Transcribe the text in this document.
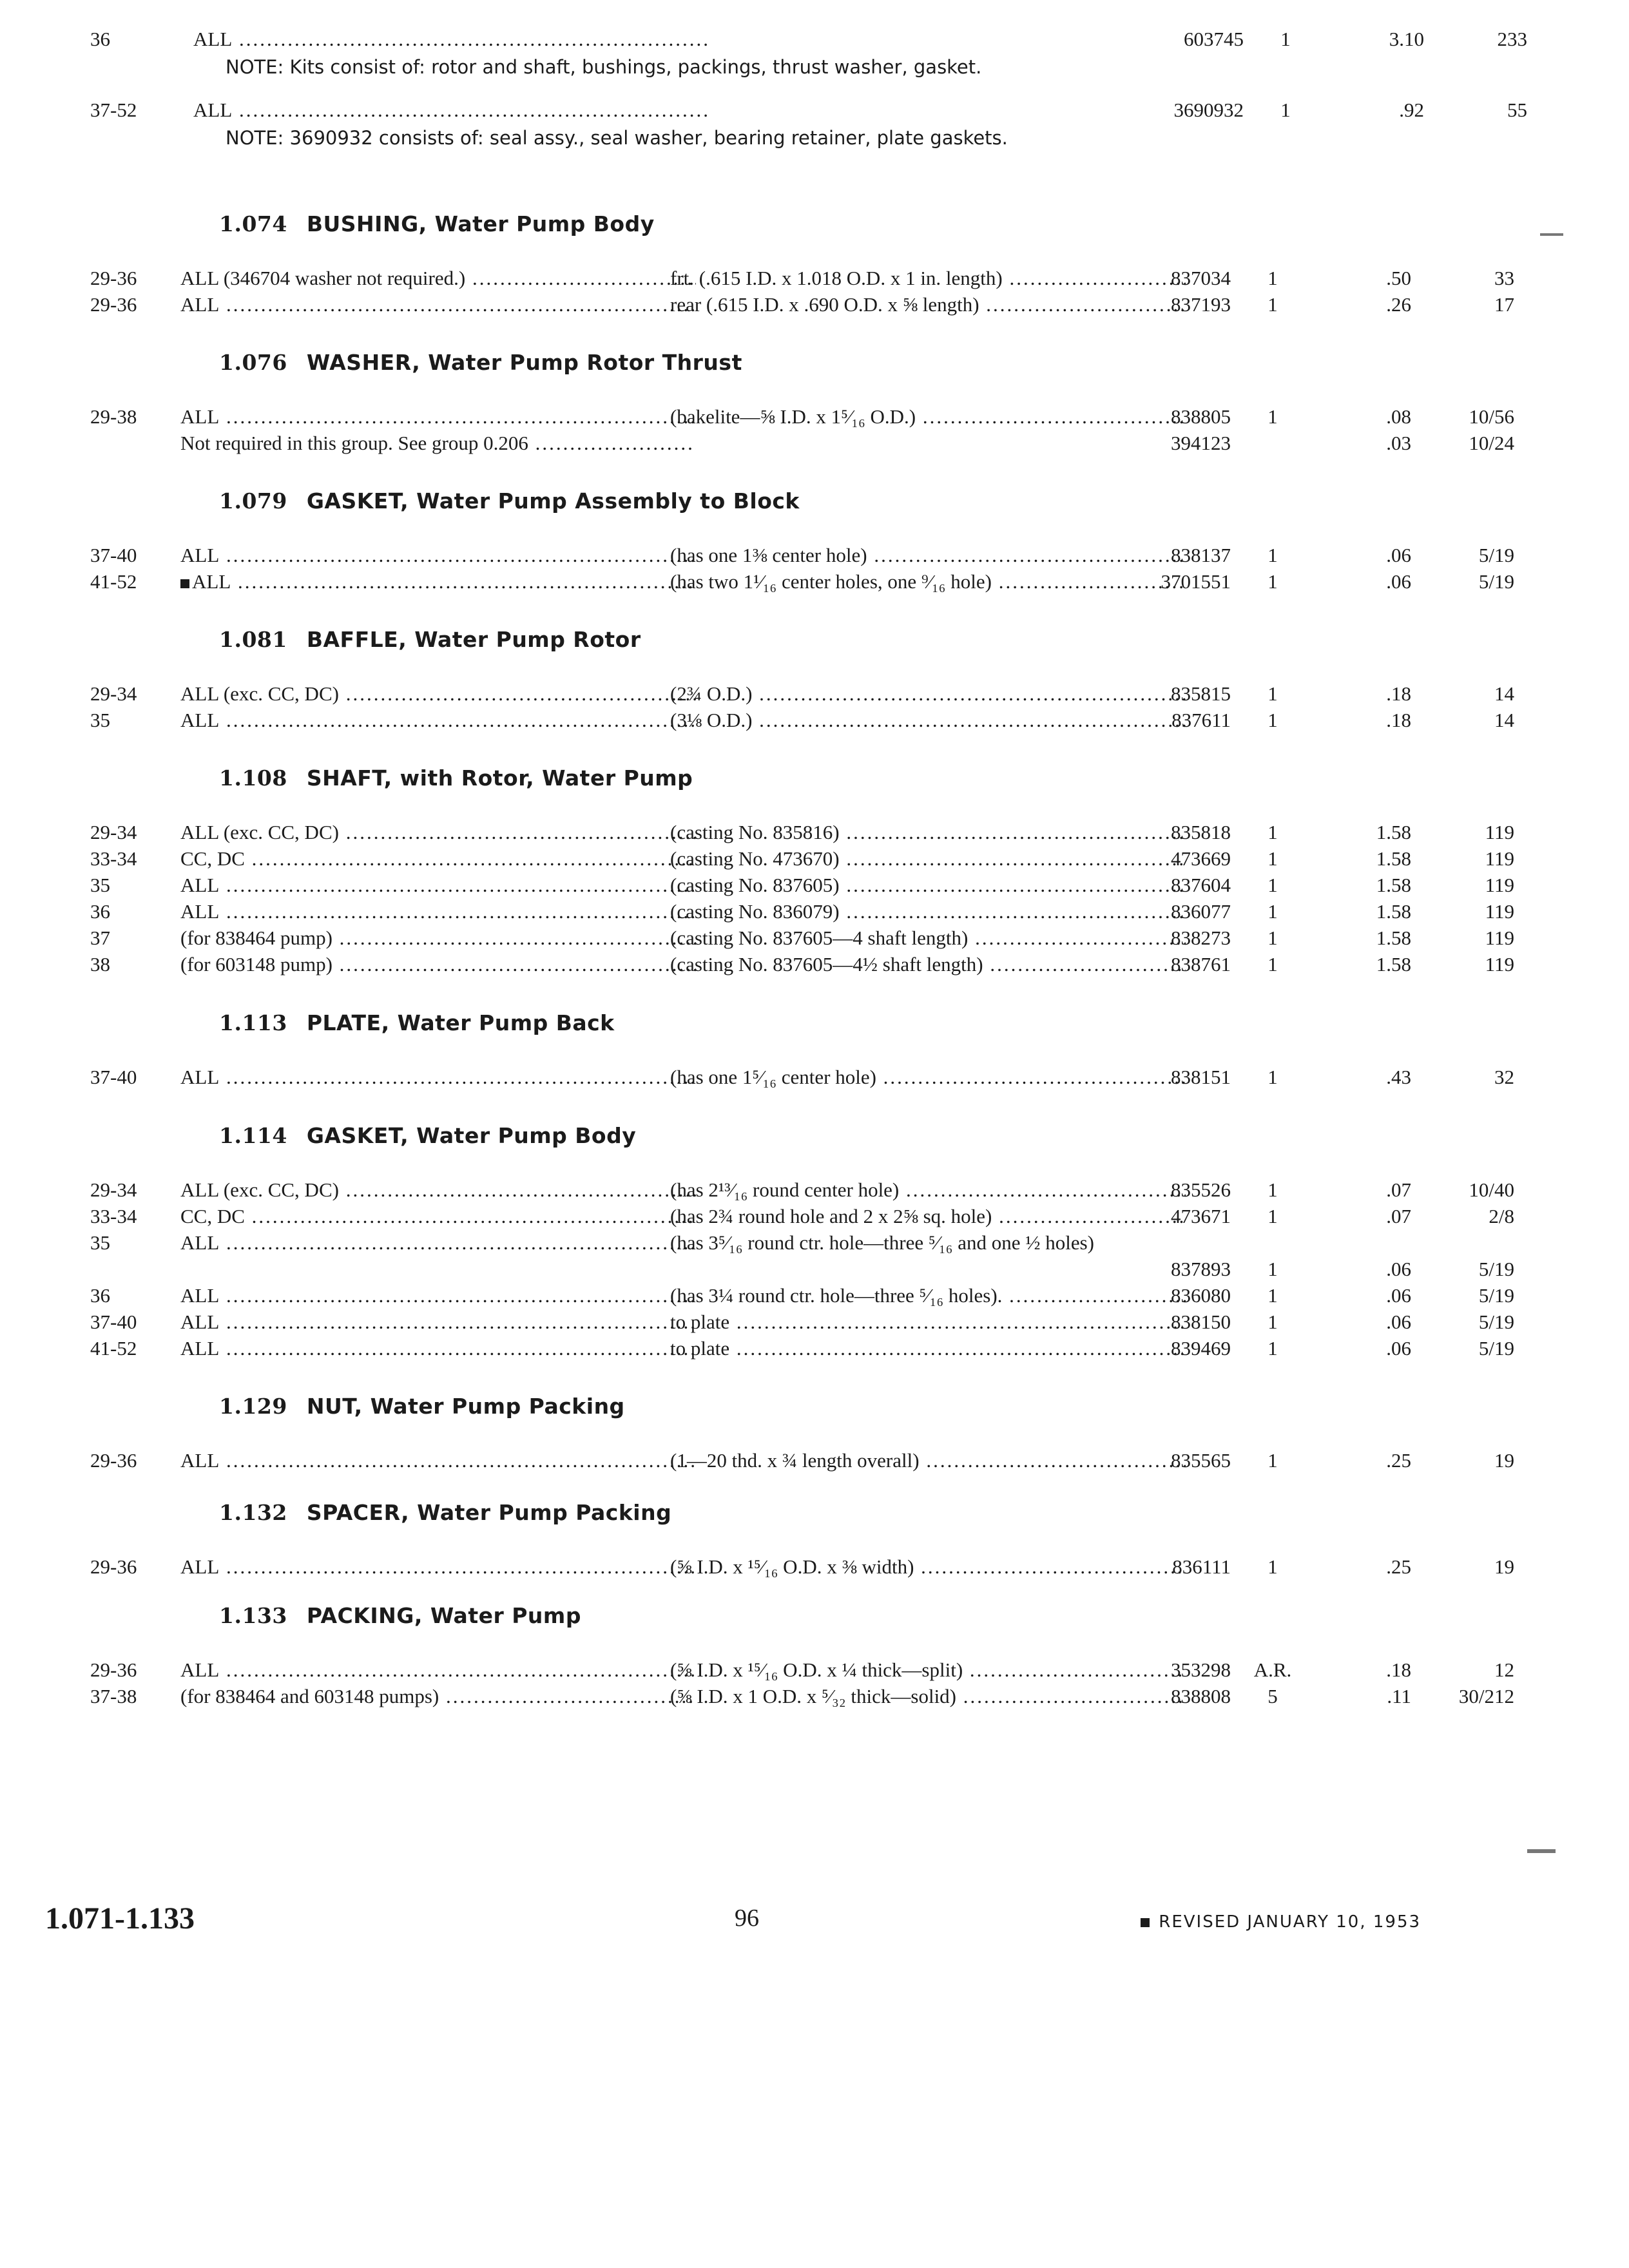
36	ALL .....	603745	1	3.10	233
NOTE: Kits consist of: rotor and shaft, bushings, packings, thrust washer, gasket.
37-52	ALL .....	3690932	1	.92	55
NOTE: 3690932 consists of: seal assy., seal washer, bearing retainer, plate gaskets.
1.074 BUSHING, Water Pump Body
29-36	ALL (346704 washer not required.) .....	frt. (.615 I.D. x 1.018 O.D. x 1 in. length) .....	837034	1	.50	33
29-36	ALL .....	rear (.615 I.D. x .690 O.D. x ⅝ length) .....	837193	1	.26	17
1.076 WASHER, Water Pump Rotor Thrust
29-38	ALL .....	(bakelite—⅝ I.D. x 1⁵⁄₁₆ O.D.) .....	838805	1	.08	10/56
Not required in this group. See group 0.206 .....	394123	.03	10/24
1.079 GASKET, Water Pump Assembly to Block
37-40	ALL .....	(has one 1⅜ center hole) .....	838137	1	.06	5/19
41-52	ALL .....	(has two 1¹⁄₁₆ center holes, one ⁹⁄₁₆ hole) .....	3701551	1	.06	5/19
1.081 BAFFLE, Water Pump Rotor
29-34	ALL (exc. CC, DC) .....	(2¾ O.D.) .....	835815	1	.18	14
35	ALL .....	(3⅛ O.D.) .....	837611	1	.18	14
1.108 SHAFT, with Rotor, Water Pump
29-34	ALL (exc. CC, DC) .....	(casting No. 835816) .....	835818	1	1.58	119
33-34	CC, DC .....	(casting No. 473670) .....	473669	1	1.58	119
35	ALL .....	(casting No. 837605) .....	837604	1	1.58	119
36	ALL .....	(casting No. 836079) .....	836077	1	1.58	119
37	(for 838464 pump) .....	(casting No. 837605—4 shaft length) .....	838273	1	1.58	119
38	(for 603148 pump) .....	(casting No. 837605—4½ shaft length) .....	838761	1	1.58	119
1.113 PLATE, Water Pump Back
37-40	ALL .....	(has one 1⁵⁄₁₆ center hole) .....	838151	1	.43	32
1.114 GASKET, Water Pump Body
29-34	ALL (exc. CC, DC) .....	(has 2¹³⁄₁₆ round center hole) .....	835526	1	.07	10/40
33-34	CC, DC .....	(has 2¾ round hole and 2 x 2⅝ sq. hole) .....	473671	1	.07	2/8
35	ALL .....	(has 3⁵⁄₁₆ round ctr. hole—three ⁵⁄₁₆ and one ½ holes)
837893	1	.06	5/19
36	ALL .....	(has 3¼ round ctr. hole—three ⁵⁄₁₆ holes). .....	836080	1	.06	5/19
37-40	ALL .....	to plate .....	838150	1	.06	5/19
41-52	ALL .....	to plate .....	839469	1	.06	5/19
1.129 NUT, Water Pump Packing
29-36	ALL .....	(1—20 thd. x ¾ length overall) .....	835565	1	.25	19
1.132 SPACER, Water Pump Packing
29-36	ALL .....	(⅝ I.D. x ¹⁵⁄₁₆ O.D. x ⅜ width) .....	836111	1	.25	19
1.133 PACKING, Water Pump
29-36	ALL .....	(⅝ I.D. x ¹⁵⁄₁₆ O.D. x ¼ thick—split) .....	353298	A.R.	.18	12
37-38	(for 838464 and 603148 pumps) .....	(⅝ I.D. x 1 O.D. x ⁵⁄₃₂ thick—solid) .....	838808	5	.11	30/212
1.071-1.133	96	REVISED JANUARY 10, 1953
